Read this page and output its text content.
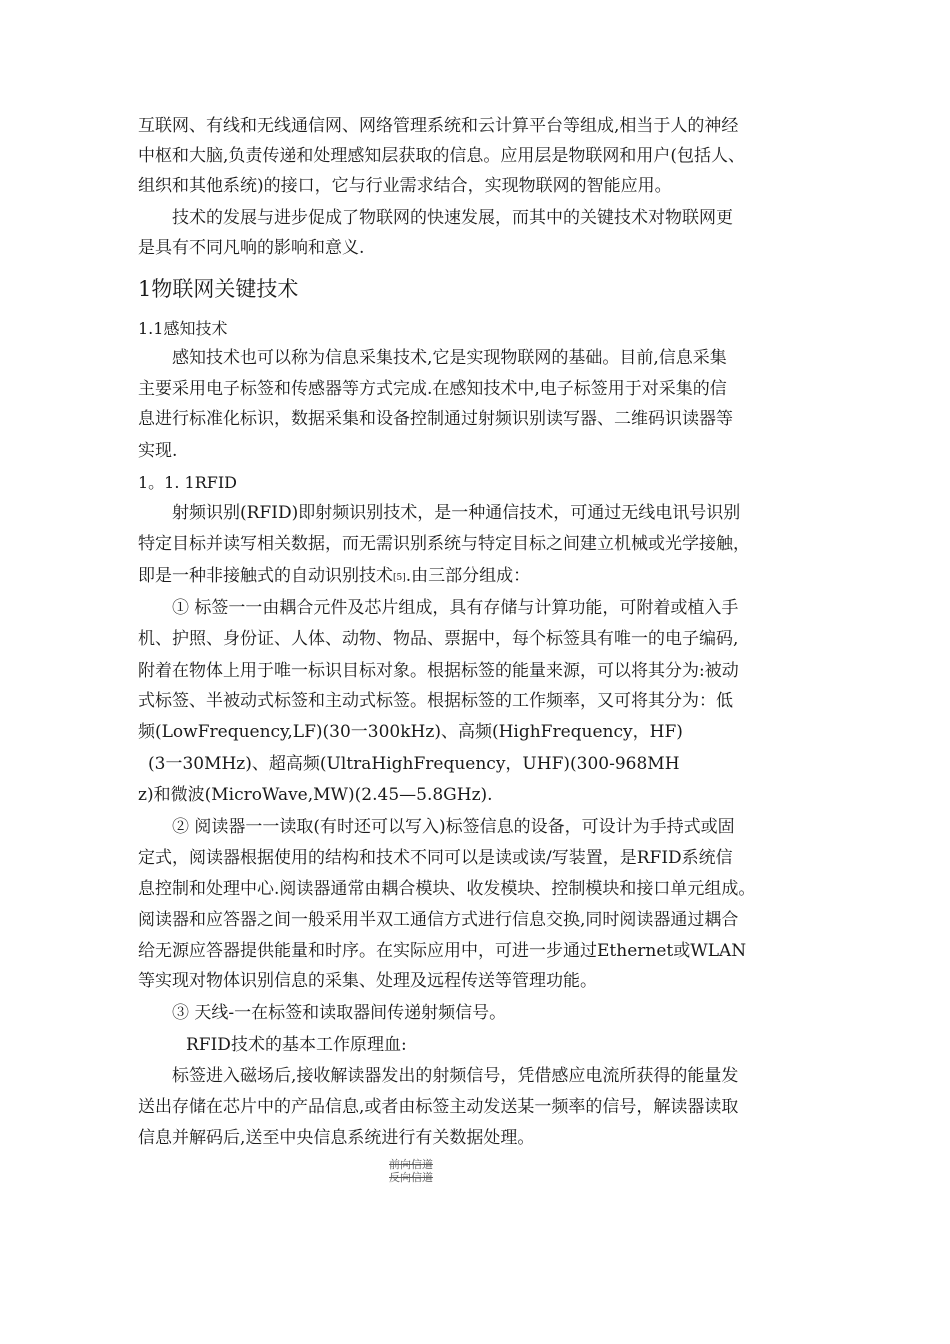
互联网、有线和无线通信网、网络管理系统和云计算平台等组成,相当于人的神经
中枢和大脑,负责传递和处理感知层获取的信息。应用层是物联网和用户(包括人、
组织和其他系统)的接口，它与行业需求结合，实现物联网的智能应用。
技术的发展与进步促成了物联网的快速发展，而其中的关键技术对物联网更
是具有不同凡响的影响和意义.
1物联网关键技术
1.1感知技术
感知技术也可以称为信息采集技术,它是实现物联网的基础。目前,信息采集
主要采用电子标签和传感器等方式完成.在感知技术中,电子标签用于对采集的信
息进行标准化标识，数据采集和设备控制通过射频识别读写器、二维码识读器等
实现.
1。1. 1RFID
射频识别(RFID)即射频识别技术，是一种通信技术，可通过无线电讯号识别
特定目标并读写相关数据，而无需识别系统与特定目标之间建立机械或光学接触，
即是一种非接触式的自动识别技术[5].由三部分组成：
① 标签一一由耦合元件及芯片组成，具有存储与计算功能，可附着或植入手
机、护照、身份证、人体、动物、物品、票据中，每个标签具有唯一的电子编码,
附着在物体上用于唯一标识目标对象。根据标签的能量来源，可以将其分为:被动
式标签、半被动式标签和主动式标签。根据标签的工作频率，又可将其分为：低
频(LowFrequency,LF)(30一300kHz)、高频(HighFrequency，HF)
(3一30MHz)、超高频(UltraHighFrequency，UHF)(300-968MH
z)和微波(MicroWave,MW)(2.45—5.8GHz).
② 阅读器一一读取(有时还可以写入)标签信息的设备，可设计为手持式或固
定式，阅读器根据使用的结构和技术不同可以是读或读/写装置，是RFID系统信
息控制和处理中心.阅读器通常由耦合模块、收发模块、控制模块和接口单元组成。
阅读器和应答器之间一般采用半双工通信方式进行信息交换,同时阅读器通过耦合
给无源应答器提供能量和时序。在实际应用中，可进一步通过Ethernet或WLAN
等实现对物体识别信息的采集、处理及远程传送等管理功能。
③ 天线-一在标签和读取器间传递射频信号。
RFID技术的基本工作原理血:
标签进入磁场后,接收解读器发出的射频信号，凭借感应电流所获得的能量发
送出存储在芯片中的产品信息,或者由标签主动发送某一频率的信号，解读器读取
信息并解码后,送至中央信息系统进行有关数据处理。
前向信道
反向信道
